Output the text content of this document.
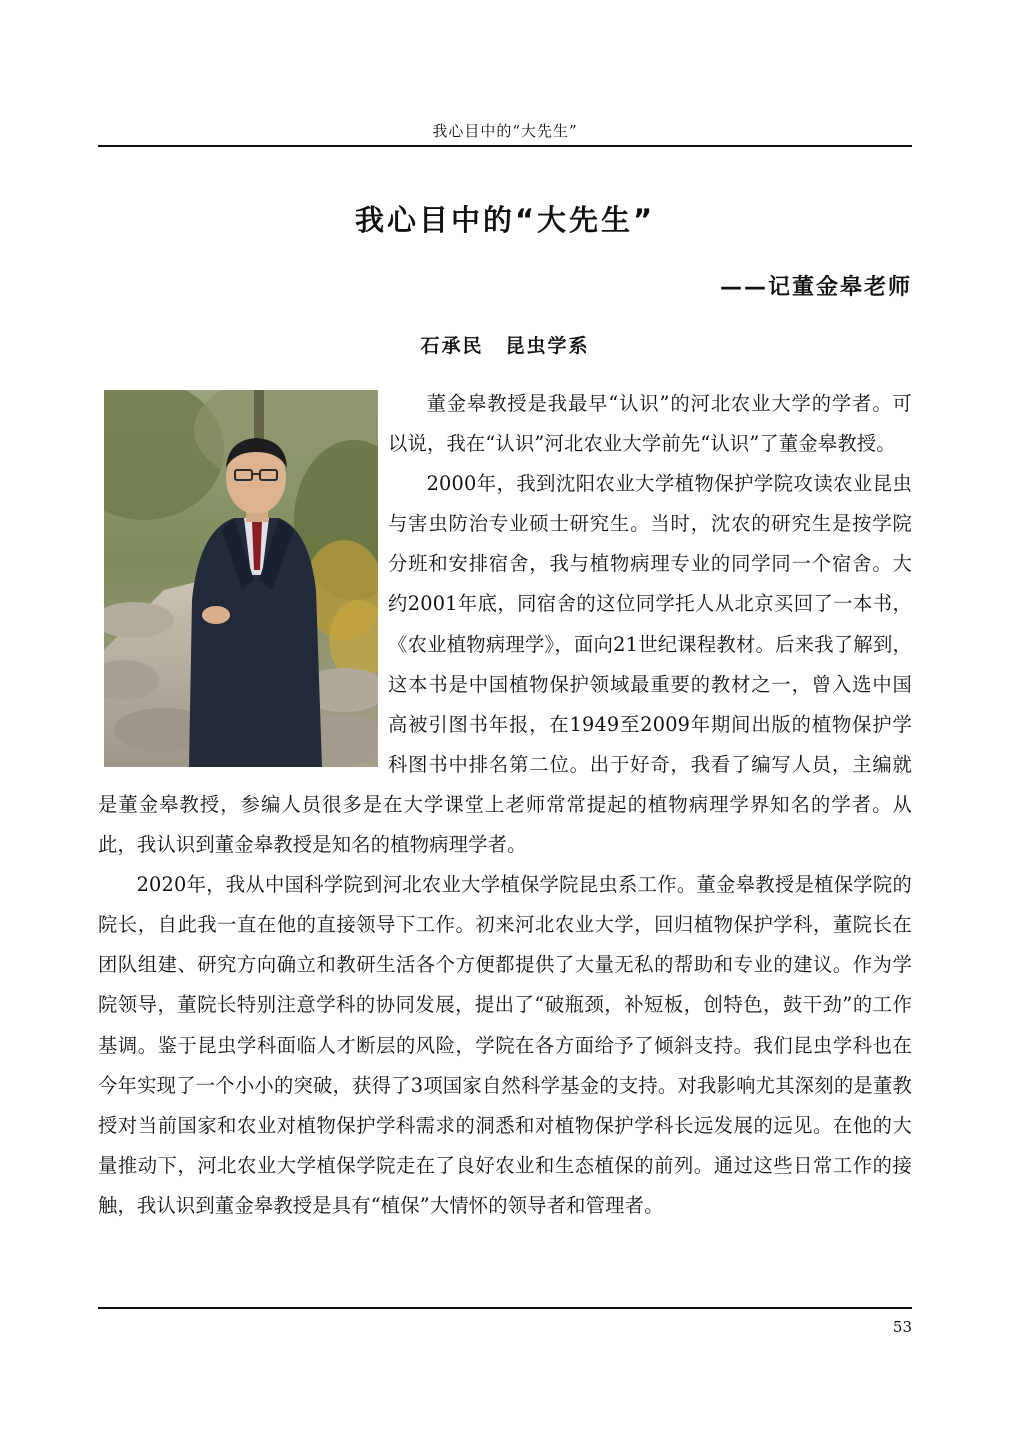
我心目中的“大先生”
我心目中的“大先生”
——记董金皋老师
石承民 昆虫学系

董金皋教授是我最早“认识”的河北农业大学的学者。可以说，我在“认识”河北农业大学前先“认识”了董金皋教授。

2000年，我到沈阳农业大学植物保护学院攻读农业昆虫与害虫防治专业硕士研究生。当时，沈农的研究生是按学院分班和安排宿舍，我与植物病理专业的同学同一个宿舍。大约2001年底，同宿舍的这位同学托人从北京买回了一本书，《农业植物病理学》，面向21世纪课程教材。后来我了解到，这本书是中国植物保护领域最重要的教材之一，曾入选中国高被引图书年报，在1949至2009年期间出版的植物保护学科图书中排名第二位。出于好奇，我看了编写人员，主编就是董金皋教授，参编人员很多是在大学课堂上老师常常提起的植物病理学界知名的学者。从此，我认识到董金皋教授是知名的植物病理学者。

2020年，我从中国科学院到河北农业大学植保学院昆虫系工作。董金皋教授是植保学院的院长，自此我一直在他的直接领导下工作。初来河北农业大学，回归植物保护学科，董院长在团队组建、研究方向确立和教研生活各个方便都提供了大量无私的帮助和专业的建议。作为学院领导，董院长特别注意学科的协同发展，提出了“破瓶颈，补短板，创特色，鼓干劲”的工作基调。鉴于昆虫学科面临人才断层的风险，学院在各方面给予了倾斜支持。我们昆虫学科也在今年实现了一个小小的突破，获得了3项国家自然科学基金的支持。对我影响尤其深刻的是董教授对当前国家和农业对植物保护学科需求的洞悉和对植物保护学科长远发展的远见。在他的大量推动下，河北农业大学植保学院走在了良好农业和生态植保的前列。通过这些日常工作的接触，我认识到董金皋教授是具有“植保”大情怀的领导者和管理者。

53
